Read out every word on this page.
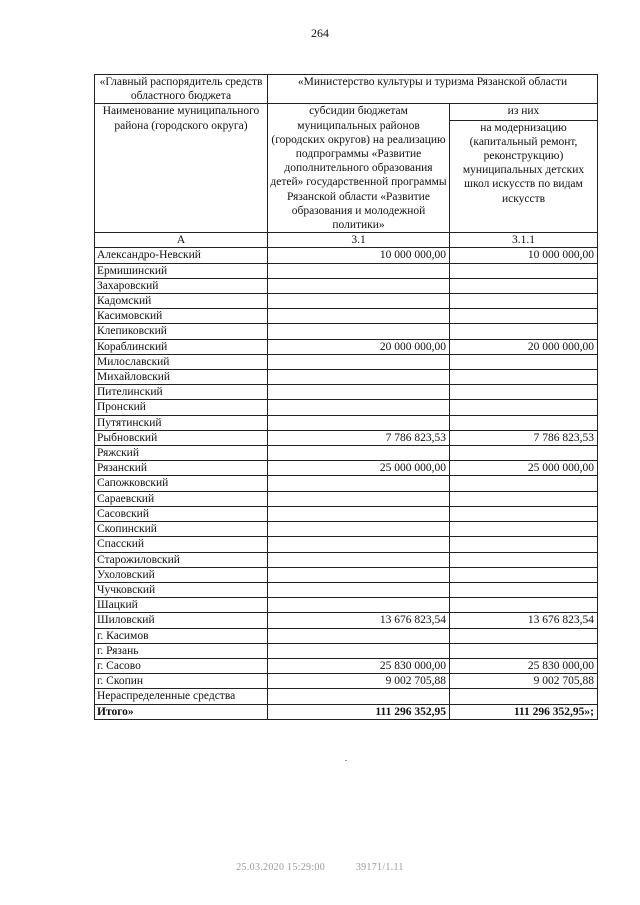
264
«Главный распорядитель средств областного бюджета	«Министерство культуры и туризма Рязанской области	
Наименование муниципального района (городского округа)	субсидии бюджетам муниципальных районов (городских округов) на реализацию подпрограммы «Развитие дополнительного образования детей» государственной программы Рязанской области «Развитие образования и молодежной политики»	из них
на модернизацию (капитальный ремонт, реконструкцию) муниципальных детских школ искусств по видам искусств

А	3.1	3.1.1
Александро-Невский	10 000 000,00	10 000 000,00
Ермишинский		
Захаровский		
Кадомский		
Касимовский		
Клепиковский		
Кораблинский	20 000 000,00	20 000 000,00
Милославский		
Михайловский		
Пителинский		
Пронский		
Путятинский		
Рыбновский	7 786 823,53	7 786 823,53
Ряжский		
Рязанский	25 000 000,00	25 000 000,00
Сапожковский		
Сараевский		
Сасовский		
Скопинский		
Спасский		
Старожиловский		
Ухоловский		
Чучковский		
Шацкий		
Шиловский	13 676 823,54	13 676 823,54
г. Касимов		
г. Рязань		
г. Сасово	25 830 000,00	25 830 000,00
г. Скопин	9 002 705,88	9 002 705,88
Нераспределенные средства		
Итого»	111 296 352,95	111 296 352,95»;
25.03.2020 15:29:00	39171/1.11
